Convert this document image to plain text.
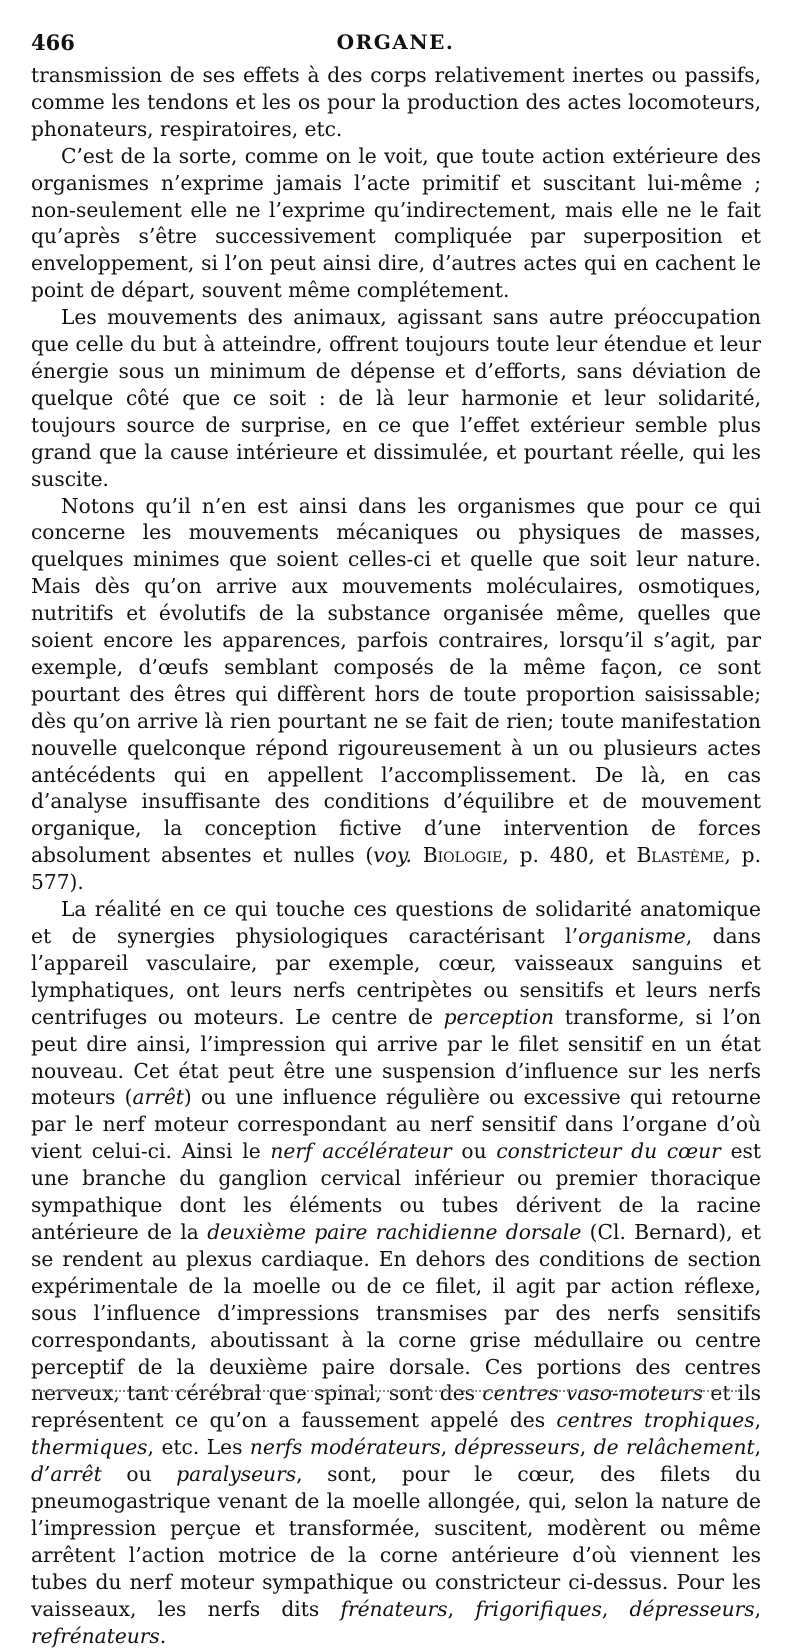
466	ORGANE.

transmission de ses effets à des corps relativement inertes ou passifs, comme les tendons et les os pour la production des actes locomoteurs, phonateurs, respiratoires, etc.

C’est de la sorte, comme on le voit, que toute action extérieure des organismes n’exprime jamais l’acte primitif et suscitant lui-même ; non-seulement elle ne l’exprime qu’indirectement, mais elle ne le fait qu’après s’être successivement compliquée par superposition et enveloppement, si l’on peut ainsi dire, d’autres actes qui en cachent le point de départ, souvent même complétement.

Les mouvements des animaux, agissant sans autre préoccupation que celle du but à atteindre, offrent toujours toute leur étendue et leur énergie sous un minimum de dépense et d’efforts, sans déviation de quelque côté que ce soit : de là leur harmonie et leur solidarité, toujours source de surprise, en ce que l’effet extérieur semble plus grand que la cause intérieure et dissimulée, et pourtant réelle, qui les suscite.

Notons qu’il n’en est ainsi dans les organismes que pour ce qui concerne les mouvements mécaniques ou physiques de masses, quelques minimes que soient celles-ci et quelle que soit leur nature. Mais dès qu’on arrive aux mouvements moléculaires, osmotiques, nutritifs et évolutifs de la substance organisée même, quelles que soient encore les apparences, parfois contraires, lorsqu’il s’agit, par exemple, d’œufs semblant composés de la même façon, ce sont pourtant des êtres qui diffèrent hors de toute proportion saisissable; dès qu’on arrive là rien pourtant ne se fait de rien; toute manifestation nouvelle quelconque répond rigoureusement à un ou plusieurs actes antécédents qui en appellent l’accomplissement. De là, en cas d’analyse insuffisante des conditions d’équilibre et de mouvement organique, la conception fictive d’une intervention de forces absolument absentes et nulles (voy. Biologie, p. 480, et Blastème, p. 577).

La réalité en ce qui touche ces questions de solidarité anatomique et de synergies physiologiques caractérisant l’organisme, dans l’appareil vasculaire, par exemple, cœur, vaisseaux sanguins et lymphatiques, ont leurs nerfs centripètes ou sensitifs et leurs nerfs centrifuges ou moteurs. Le centre de perception transforme, si l’on peut dire ainsi, l’impression qui arrive par le filet sensitif en un état nouveau. Cet état peut être une suspension d’influence sur les nerfs moteurs (arrêt) ou une influence régulière ou excessive qui retourne par le nerf moteur correspondant au nerf sensitif dans l’organe d’où vient celui-ci. Ainsi le nerf accélérateur ou constricteur du cœur est une branche du ganglion cervical inférieur ou premier thoracique sympathique dont les éléments ou tubes dérivent de la racine antérieure de la deuxième paire rachidienne dorsale (Cl. Bernard), et se rendent au plexus cardiaque. En dehors des conditions de section expérimentale de la moelle ou de ce filet, il agit par action réflexe, sous l’influence d’impressions transmises par des nerfs sensitifs correspondants, aboutissant à la corne grise médullaire ou centre perceptif de la deuxième paire dorsale. Ces portions des centres nerveux, tant cérébral que spinal, sont des centres vaso-moteurs et ils représentent ce qu’on a faussement appelé des centres trophiques, thermiques, etc. Les nerfs modérateurs, dépresseurs, de relâchement, d’arrêt ou paralyseurs, sont, pour le cœur, des filets du pneumogastrique venant de la moelle allongée, qui, selon la nature de l’impression perçue et transformée, suscitent, modèrent ou même arrêtent l’action motrice de la corne antérieure d’où viennent les tubes du nerf moteur sympathique ou constricteur ci-dessus. Pour les vaisseaux, les nerfs dits frénateurs, frigorifiques, dépresseurs, refrénateurs.
